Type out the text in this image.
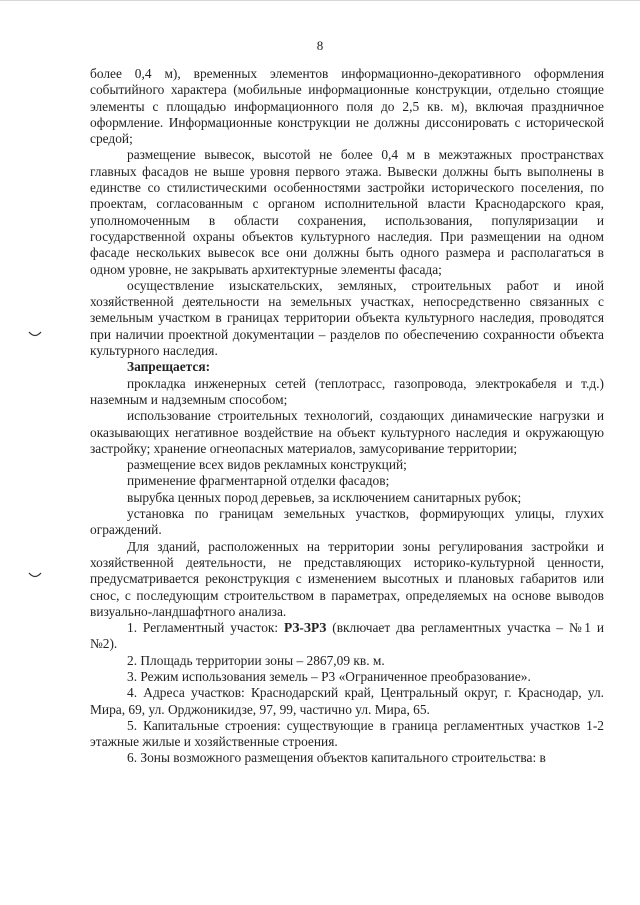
8

более 0,4 м), временных элементов информационно-декоративного оформления событийного характера (мобильные информационные конструкции, отдельно стоящие элементы с площадью информационного поля до 2,5 кв. м), включая праздничное оформление. Информационные конструкции не должны диссонировать с исторической средой;

размещение вывесок, высотой не более 0,4 м в межэтажных пространствах главных фасадов не выше уровня первого этажа. Вывески должны быть выполнены в единстве со стилистическими особенностями застройки исторического поселения, по проектам, согласованным с органом исполнительной власти Краснодарского края, уполномоченным в области сохранения, использования, популяризации и государственной охраны объектов культурного наследия. При размещении на одном фасаде нескольких вывесок все они должны быть одного размера и располагаться в одном уровне, не закрывать архитектурные элементы фасада;

осуществление изыскательских, земляных, строительных работ и иной хозяйственной деятельности на земельных участках, непосредственно связанных с земельным участком в границах территории объекта культурного наследия, проводятся при наличии проектной документации – разделов по обеспечению сохранности объекта культурного наследия.

Запрещается:

прокладка инженерных сетей (теплотрасс, газопровода, электрокабеля и т.д.) наземным и надземным способом;

использование строительных технологий, создающих динамические нагрузки и оказывающих негативное воздействие на объект культурного наследия и окружающую застройку; хранение огнеопасных материалов, замусоривание территории;

размещение всех видов рекламных конструкций;

применение фрагментарной отделки фасадов;

вырубка ценных пород деревьев, за исключением санитарных рубок;

установка по границам земельных участков, формирующих улицы, глухих ограждений.

Для зданий, расположенных на территории зоны регулирования застройки и хозяйственной деятельности, не представляющих историко-культурной ценности, предусматривается реконструкция с изменением высотных и плановых габаритов или снос, с последующим строительством в параметрах, определяемых на основе выводов визуально-ландшафтного анализа.

1. Регламентный участок: РЗ-ЗРЗ (включает два регламентных участка – №1 и №2).

2. Площадь территории зоны – 2867,09 кв. м.

3. Режим использования земель – Р3 «Ограниченное преобразование».

4. Адреса участков: Краснодарский край, Центральный округ, г. Краснодар, ул. Мира, 69, ул. Орджоникидзе, 97, 99, частично ул. Мира, 65.

5. Капитальные строения: существующие в граница регламентных участков 1-2 этажные жилые и хозяйственные строения.

6. Зоны возможного размещения объектов капитального строительства: в
